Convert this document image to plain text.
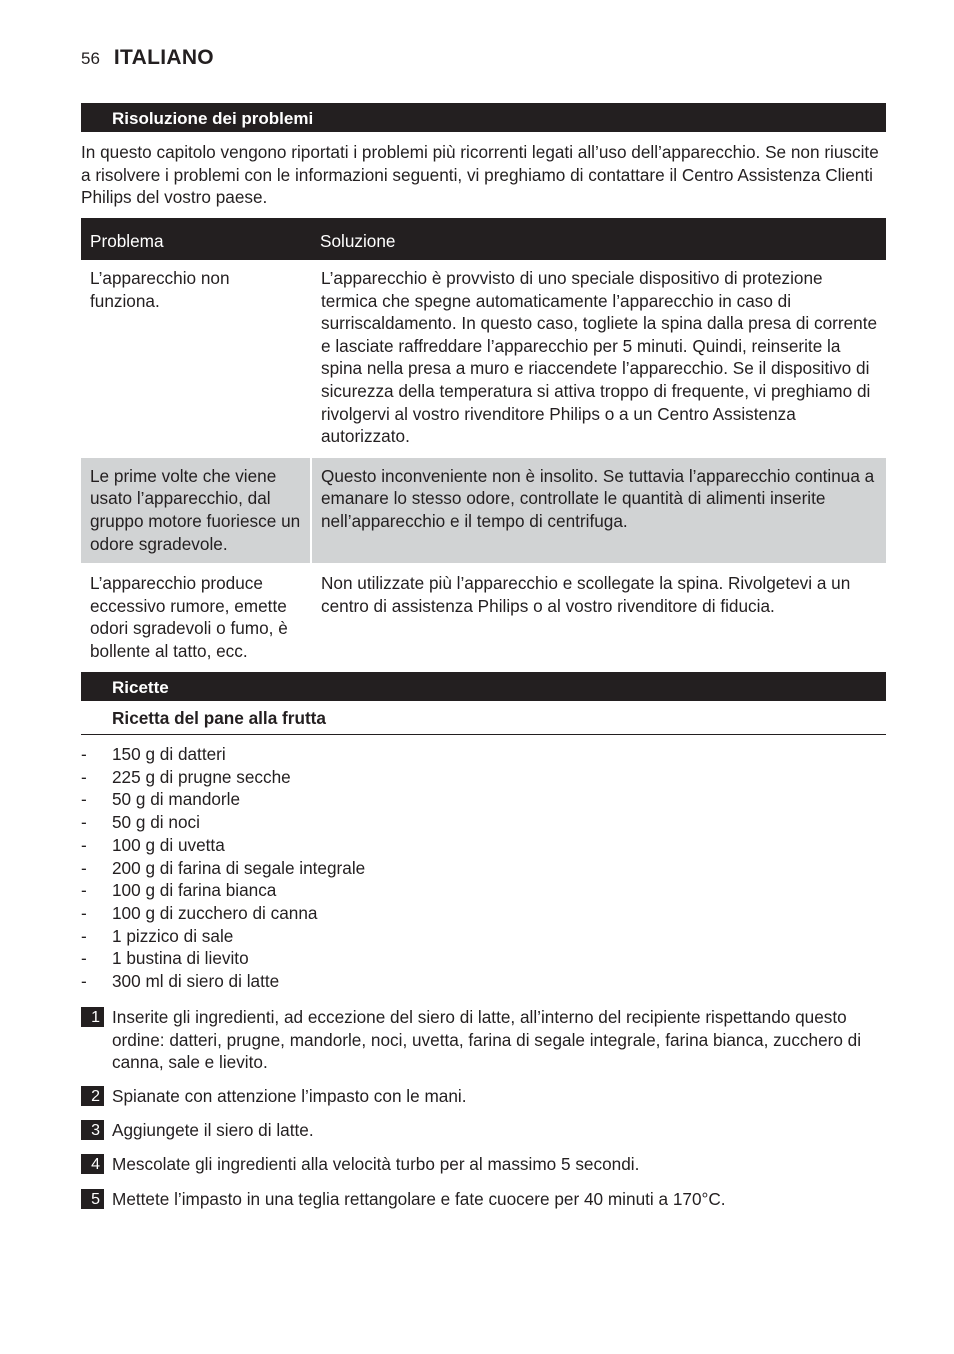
56 ITALIANO
Risoluzione dei problemi

In questo capitolo vengono riportati i problemi più ricorrenti legati all’uso dell’apparecchio. Se non riuscite a risolvere i problemi con le informazioni seguenti, vi preghiamo di contattare il Centro Assistenza Clienti Philips del vostro paese.

Problema	Soluzione
L’apparecchio non funziona.	L’apparecchio è provvisto di uno speciale dispositivo di protezione termica che spegne automaticamente l’apparecchio in caso di surriscaldamento. In questo caso, togliete la spina dalla presa di corrente e lasciate raffreddare l’apparecchio per 5 minuti. Quindi, reinserite la spina nella presa a muro e riaccendete l’apparecchio. Se il dispositivo di sicurezza della temperatura si attiva troppo di frequente, vi preghiamo di rivolgervi al vostro rivenditore Philips o a un Centro Assistenza autorizzato.
Le prime volte che viene usato l’apparecchio, dal gruppo motore fuoriesce un odore sgradevole.	Questo inconveniente non è insolito. Se tuttavia l’apparecchio continua a emanare lo stesso odore, controllate le quantità di alimenti inserite nell’apparecchio e il tempo di centrifuga.
L’apparecchio produce eccessivo rumore, emette odori sgradevoli o fumo, è bollente al tatto, ecc.	Non utilizzate più l’apparecchio e scollegate la spina. Rivolgetevi a un centro di assistenza Philips o al vostro rivenditore di fiducia.
Ricette
Ricetta del pane alla frutta
- 150 g di datteri
- 225 g di prugne secche
- 50 g di mandorle
- 50 g di noci
- 100 g di uvetta
- 200 g di farina di segale integrale
- 100 g di farina bianca
- 100 g di zucchero di canna
- 1 pizzico di sale
- 1 bustina di lievito
- 300 ml di siero di latte
1 Inserite gli ingredienti, ad eccezione del siero di latte, all’interno del recipiente rispettando questo ordine: datteri, prugne, mandorle, noci, uvetta, farina di segale integrale, farina bianca, zucchero di canna, sale e lievito.
2 Spianate con attenzione l’impasto con le mani.
3 Aggiungete il siero di latte.
4 Mescolate gli ingredienti alla velocità turbo per al massimo 5 secondi.
5 Mettete l’impasto in una teglia rettangolare e fate cuocere per 40 minuti a 170°C.
